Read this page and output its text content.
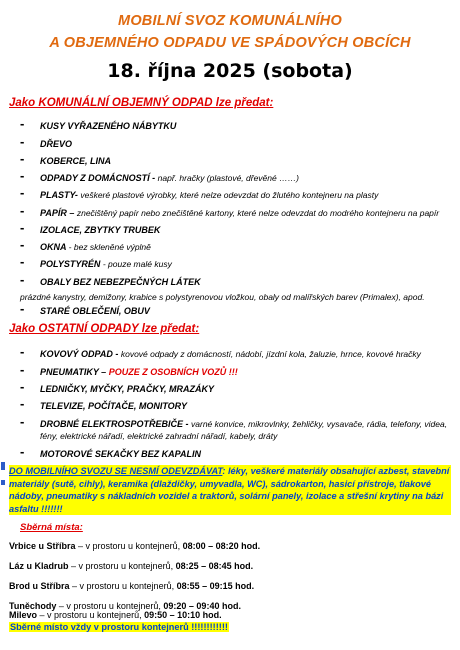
MOBILNÍ SVOZ KOMUNÁLNÍHO
A OBJEMNÉHO ODPADU VE SPÁDOVÝCH OBCÍCH
18. října 2025 (sobota)
Jako KOMUNÁLNÍ OBJEMNÝ ODPAD lze předat:
- KUSY VYŘAZENÉHO NÁBYTKU
- DŘEVO
- KOBERCE, LINA
- ODPADY Z DOMÁCNOSTÍ - např. hračky (plastové, dřevěné ……)
- PLASTY- veškeré plastové výrobky, které nelze odevzdat do žlutého kontejneru na plasty
- PAPÍR – znečištěný papír nebo znečištěné kartony, které nelze odevzdat do modrého kontejneru na papír
- IZOLACE, ZBYTKY TRUBEK
- OKNA - bez skleněné výplně
- POLYSTYRÉN - pouze malé kusy
- OBALY BEZ NEBEZPEČNÝCH LÁTEK
prázdné kanystry, demižony, krabice s polystyrenovou vložkou, obaly od malířských barev (Primalex), apod.
- STARÉ OBLEČENÍ, OBUV
Jako OSTATNÍ ODPADY lze předat:
- KOVOVÝ ODPAD - kovové odpady z domácností, nádobí, jízdní kola, žaluzie, hrnce, kovové hračky
- PNEUMATIKY – POUZE Z OSOBNÍCH VOZŮ !!!
- LEDNIČKY, MYČKY, PRAČKY, MRAZÁKY
- TELEVIZE, POČÍTAČE, MONITORY
- DROBNÉ ELEKTROSPOTŘEBIČE - varné konvice, mikrovlnky, žehličky, vysavače, rádia, telefony, videa, fény, elektrické nářadí, elektrické zahradní nářadí, kabely, dráty
- MOTOROVÉ SEKAČKY BEZ KAPALIN
DO MOBILNÍHO SVOZU SE NESMÍ ODEVZDÁVAT: léky, veškeré materiály obsahující azbest, stavební materiály (sutě, cihly), keramika (dlaždičky, umyvadla, WC), sádrokarton, hasicí přístroje, tlakové nádoby, pneumatiky s nákladních vozidel a traktorů, solární panely, izolace a střešní krytiny na bázi asfaltu !!!!!!!
Sběrná místa:
Vrbice u Stříbra – v prostoru u kontejnerů, 08:00 – 08:20 hod.
Láz u Kladrub – v prostoru u kontejnerů, 08:25 – 08:45 hod.
Brod u Stříbra – v prostoru u kontejnerů, 08:55 – 09:15 hod.
Tuněchody – v prostoru u kontejnerů, 09:20 – 09:40 hod.
Milevo – v prostoru u kontejnerů, 09:50 – 10:10 hod.
Sběrné místo vždy v prostoru kontejnerů !!!!!!!!!!!!
